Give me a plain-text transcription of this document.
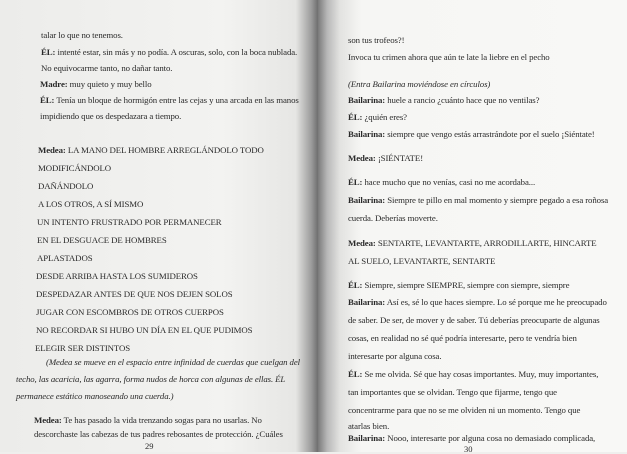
talar lo que no tenemos.
ÉL: intenté estar, sin más y no podía. A oscuras, solo, con la boca nublada.
No equivocarme tanto, no dañar tanto.
Madre: muy quieto y muy bello
ÉL: Tenía un bloque de hormigón entre las cejas y una arcada en las manos
impidiendo que os despedazara a tiempo.
Medea: LA MANO DEL HOMBRE ARREGLÁNDOLO TODO
MODIFICÁNDOLO
DAÑÁNDOLO
A LOS OTROS, A SÍ MISMO
UN INTENTO FRUSTRADO POR PERMANECER
EN EL DESGUACE DE HOMBRES
APLASTADOS
DESDE ARRIBA HASTA LOS SUMIDEROS
DESPEDAZAR ANTES DE QUE NOS DEJEN SOLOS
JUGAR CON ESCOMBROS DE OTROS CUERPOS
NO RECORDAR SI HUBO UN DÍA EN EL QUE PUDIMOS
ELEGIR SER DISTINTOS
(Medea se mueve en el espacio entre infinidad de cuerdas que cuelgan del
techo, las acaricia, las agarra, forma nudos de horca con algunas de ellas. ÉL
permanece estático manoseando una cuerda.)
Medea: Te has pasado la vida trenzando sogas para no usarlas. No
descorchaste las cabezas de tus padres rebosantes de protección. ¿Cuáles
29
son tus trofeos?!
Invoca tu crimen ahora que aún te late la liebre en el pecho
(Entra Bailarina moviéndose en círculos)
Bailarina: huele a rancio ¿cuánto hace que no ventilas?
ÉL: ¿quién eres?
Bailarina: siempre que vengo estás arrastrándote por el suelo ¡Siéntate!
Medea: ¡SIÉNTATE!
ÉL: hace mucho que no venías, casi no me acordaba...
Bailarina: Siempre te pillo en mal momento y siempre pegado a esa roñosa
cuerda. Deberías moverte.
Medea: SENTARTE, LEVANTARTE, ARRODILLARTE, HINCARTE
AL SUELO, LEVANTARTE, SENTARTE
ÉL: Siempre, siempre SIEMPRE, siempre con siempre, siempre
Bailarina: Así es, sé lo que haces siempre. Lo sé porque me he preocupado
de saber. De ser, de mover y de saber. Tú deberías preocuparte de algunas
cosas, en realidad no sé qué podría interesarte, pero te vendría bien
interesarte por alguna cosa.
ÉL: Se me olvida. Sé que hay cosas importantes. Muy, muy importantes,
tan importantes que se olvidan. Tengo que fijarme, tengo que
concentrarme para que no se me olviden ni un momento. Tengo que
atarlas bien.
Bailarina: Nooo, interesarte por alguna cosa no demasiado complicada,
30
